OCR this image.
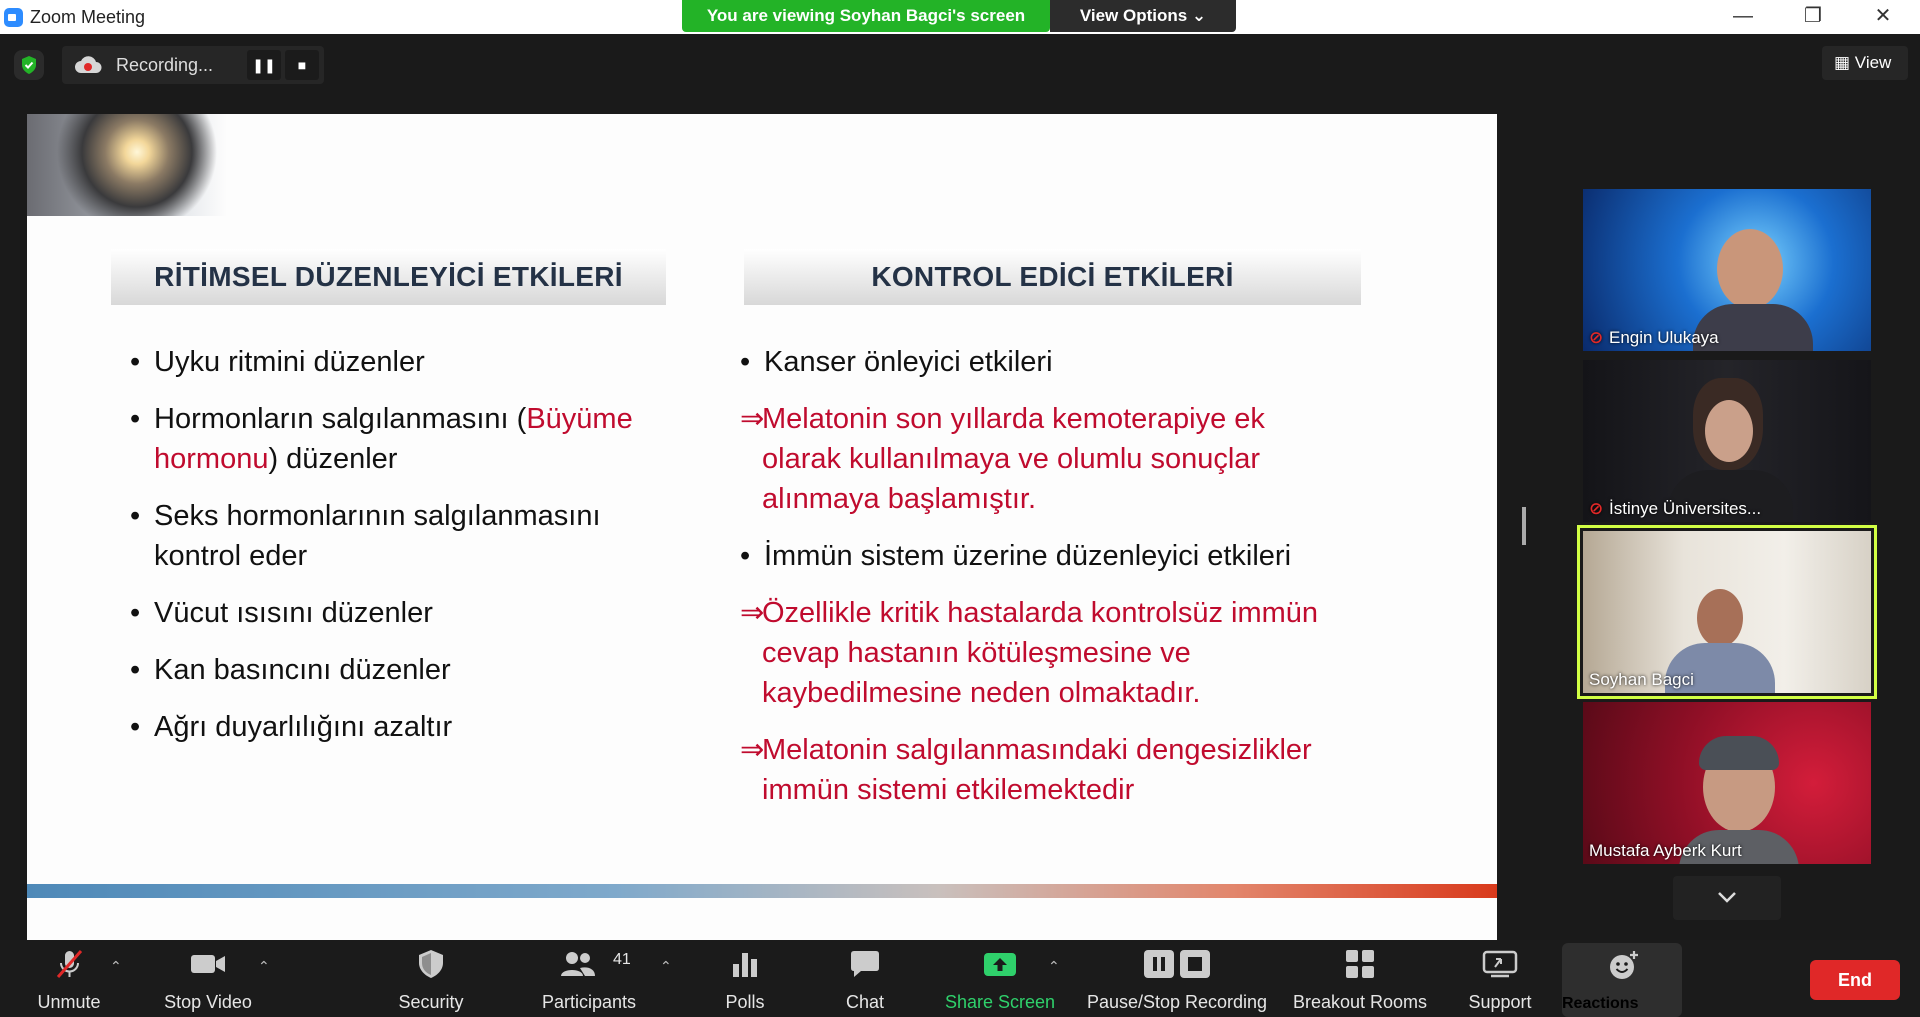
Zoom Meeting	—	❐	✕
You are viewing Soyhan Bagci's screen	View Options ⌄
Recording...	❚❚	■	▦ View
RİTİMSEL DÜZENLEYİCİ ETKİLERİ	KONTROL EDİCİ ETKİLERİ
• Uyku ritmini düzenler
• Hormonların salgılanmasını (Büyüme hormonu) düzenler
• Seks hormonlarının salgılanmasını kontrol eder
• Vücut ısısını düzenler
• Kan basıncını düzenler
• Ağrı duyarlılığını azaltır
• Kanser önleyici etkileri
⇒
Melatonin son yıllarda kemoterapiye ek olarak kullanılmaya ve olumlu sonuçlar alınmaya başlamıştır.
• İmmün sistem üzerine düzenleyici etkileri
⇒
Özellikle kritik hastalarda kontrolsüz immün cevap hastanın kötüleşmesine ve kaybedilmesine neden olmaktadır.
⇒
Melatonin salgılanmasındaki dengesizlikler immün sistemi etkilemektedir
⊘ Engin Ulukaya
⊘ İstinye Üniversites...
Soyhan Bagci
Mustafa Ayberk Kurt
Unmute
⌃
Stop Video
⌃
Security
41
Participants
⌃
Polls	Chat	Share Screen
⌃
Pause/Stop Recording Breakout Rooms	Support	Reactions
End
